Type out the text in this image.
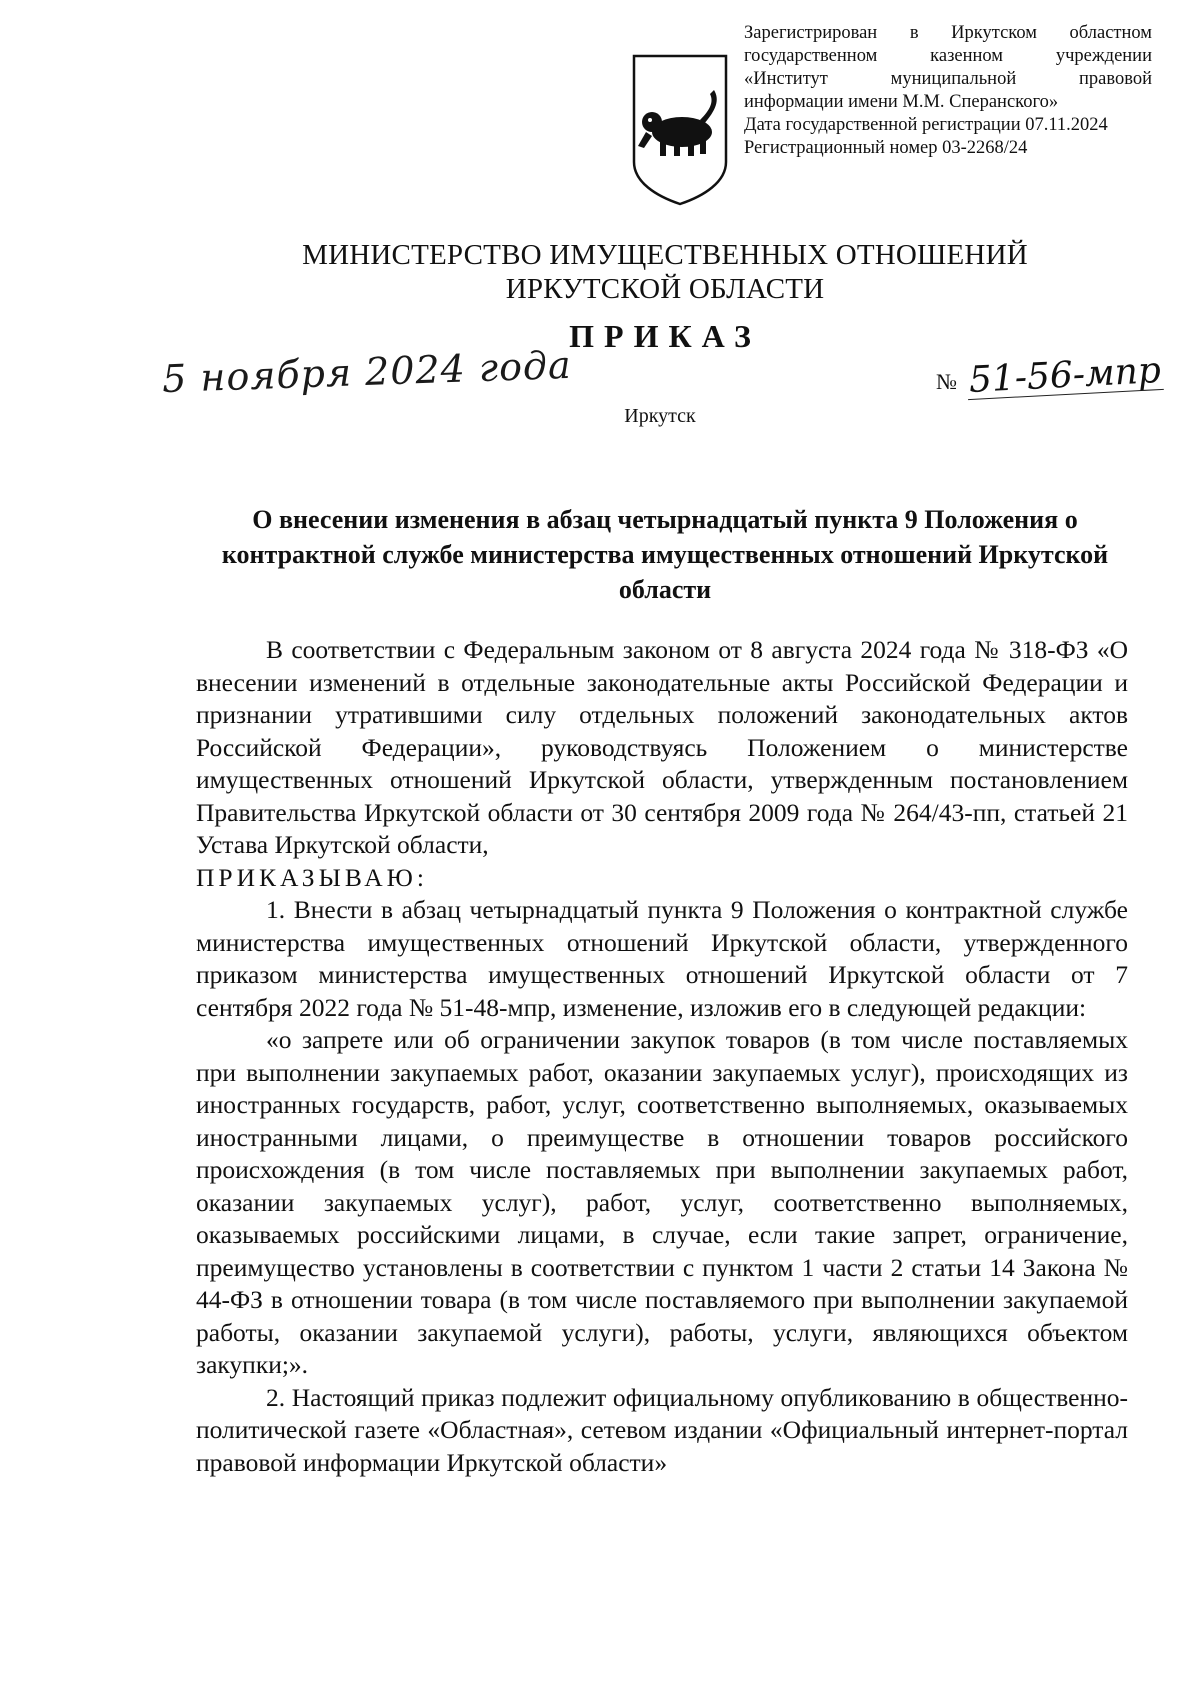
Зарегистрирован в Иркутском областном
государственном казенном учреждении
«Институт муниципальной правовой
информации имени М.М. Сперанского»
Дата государственной регистрации 07.11.2024
Регистрационный номер 03-2268/24
МИНИСТЕРСТВО ИМУЩЕСТВЕННЫХ ОТНОШЕНИЙ
ИРКУТСКОЙ ОБЛАСТИ
ПРИКАЗ
5 ноября 2024 года	№ 51-56-мпр
Иркутск
О внесении изменения в абзац четырнадцатый пункта 9 Положения о контрактной службе министерства имущественных отношений Иркутской области

В соответствии с Федеральным законом от 8 августа 2024 года № 318-ФЗ «О внесении изменений в отдельные законодательные акты Российской Федерации и признании утратившими силу отдельных положений законодательных актов Российской Федерации», руководствуясь Положением о министерстве имущественных отношений Иркутской области, утвержденным постановлением Правительства Иркутской области от 30 сентября 2009 года № 264/43-пп, статьей 21 Устава Иркутской области,

ПРИКАЗЫВАЮ:

1. Внести в абзац четырнадцатый пункта 9 Положения о контрактной службе министерства имущественных отношений Иркутской области, утвержденного приказом министерства имущественных отношений Иркутской области от 7 сентября 2022 года № 51-48-мпр, изменение, изложив его в следующей редакции:

«о запрете или об ограничении закупок товаров (в том числе поставляемых при выполнении закупаемых работ, оказании закупаемых услуг), происходящих из иностранных государств, работ, услуг, соответственно выполняемых, оказываемых иностранными лицами, о преимуществе в отношении товаров российского происхождения (в том числе поставляемых при выполнении закупаемых работ, оказании закупаемых услуг), работ, услуг, соответственно выполняемых, оказываемых российскими лицами, в случае, если такие запрет, ограничение, преимущество установлены в соответствии с пунктом 1 части 2 статьи 14 Закона № 44-ФЗ в отношении товара (в том числе поставляемого при выполнении закупаемой работы, оказании закупаемой услуги), работы, услуги, являющихся объектом закупки;».

2. Настоящий приказ подлежит официальному опубликованию в общественно-политической газете «Областная», сетевом издании «Официальный интернет-портал правовой информации Иркутской области»
